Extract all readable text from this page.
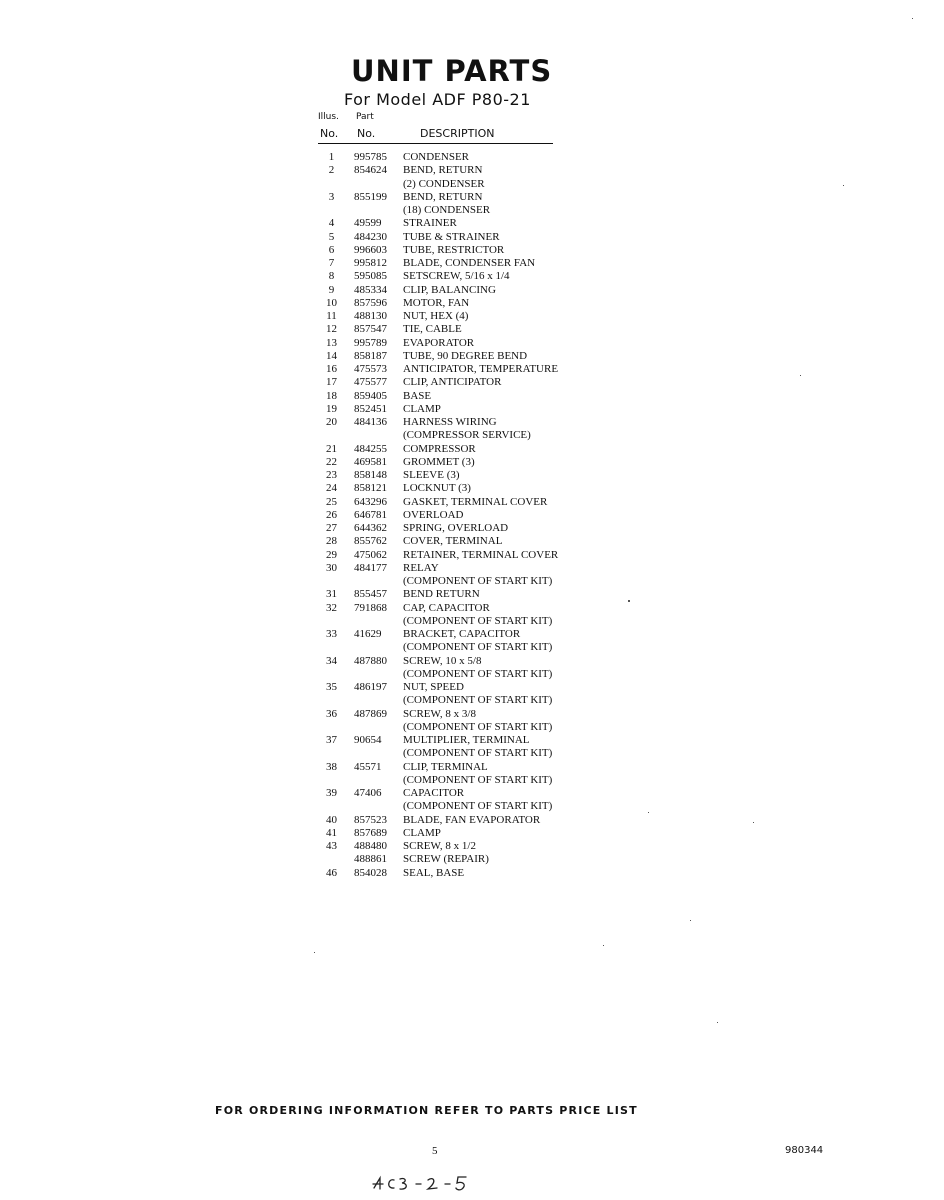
UNIT PARTS
For Model ADF P80-21
Illus. Part
No. No.	DESCRIPTION
1	995785	CONDENSER
2	854624	BEND, RETURN
		(2) CONDENSER
3	855199	BEND, RETURN
		(18) CONDENSER
4	49599	STRAINER
5	484230	TUBE & STRAINER
6	996603	TUBE, RESTRICTOR
7	995812	BLADE, CONDENSER FAN
8	595085	SETSCREW, 5/16 x 1/4
9	485334	CLIP, BALANCING
10	857596	MOTOR, FAN
11	488130	NUT, HEX (4)
12	857547	TIE, CABLE
13	995789	EVAPORATOR
14	858187	TUBE, 90 DEGREE BEND
16	475573	ANTICIPATOR, TEMPERATURE
17	475577	CLIP, ANTICIPATOR
18	859405	BASE
19	852451	CLAMP
20	484136	HARNESS WIRING
		(COMPRESSOR SERVICE)
21	484255	COMPRESSOR
22	469581	GROMMET (3)
23	858148	SLEEVE (3)
24	858121	LOCKNUT (3)
25	643296	GASKET, TERMINAL COVER
26	646781	OVERLOAD
27	644362	SPRING, OVERLOAD
28	855762	COVER, TERMINAL
29	475062	RETAINER, TERMINAL COVER
30	484177	RELAY
		(COMPONENT OF START KIT)
31	855457	BEND RETURN
32	791868	CAP, CAPACITOR
		(COMPONENT OF START KIT)
33	41629	BRACKET, CAPACITOR
		(COMPONENT OF START KIT)
34	487880	SCREW, 10 x 5/8
		(COMPONENT OF START KIT)
35	486197	NUT, SPEED
		(COMPONENT OF START KIT)
36	487869	SCREW, 8 x 3/8
		(COMPONENT OF START KIT)
37	90654	MULTIPLIER, TERMINAL
		(COMPONENT OF START KIT)
38	45571	CLIP, TERMINAL
		(COMPONENT OF START KIT)
39	47406	CAPACITOR
		(COMPONENT OF START KIT)
40	857523	BLADE, FAN EVAPORATOR
41	857689	CLAMP
43	488480	SCREW, 8 x 1/2
	488861	SCREW (REPAIR)
46	854028	SEAL, BASE
FOR ORDERING INFORMATION REFER TO PARTS PRICE LIST
5	980344
